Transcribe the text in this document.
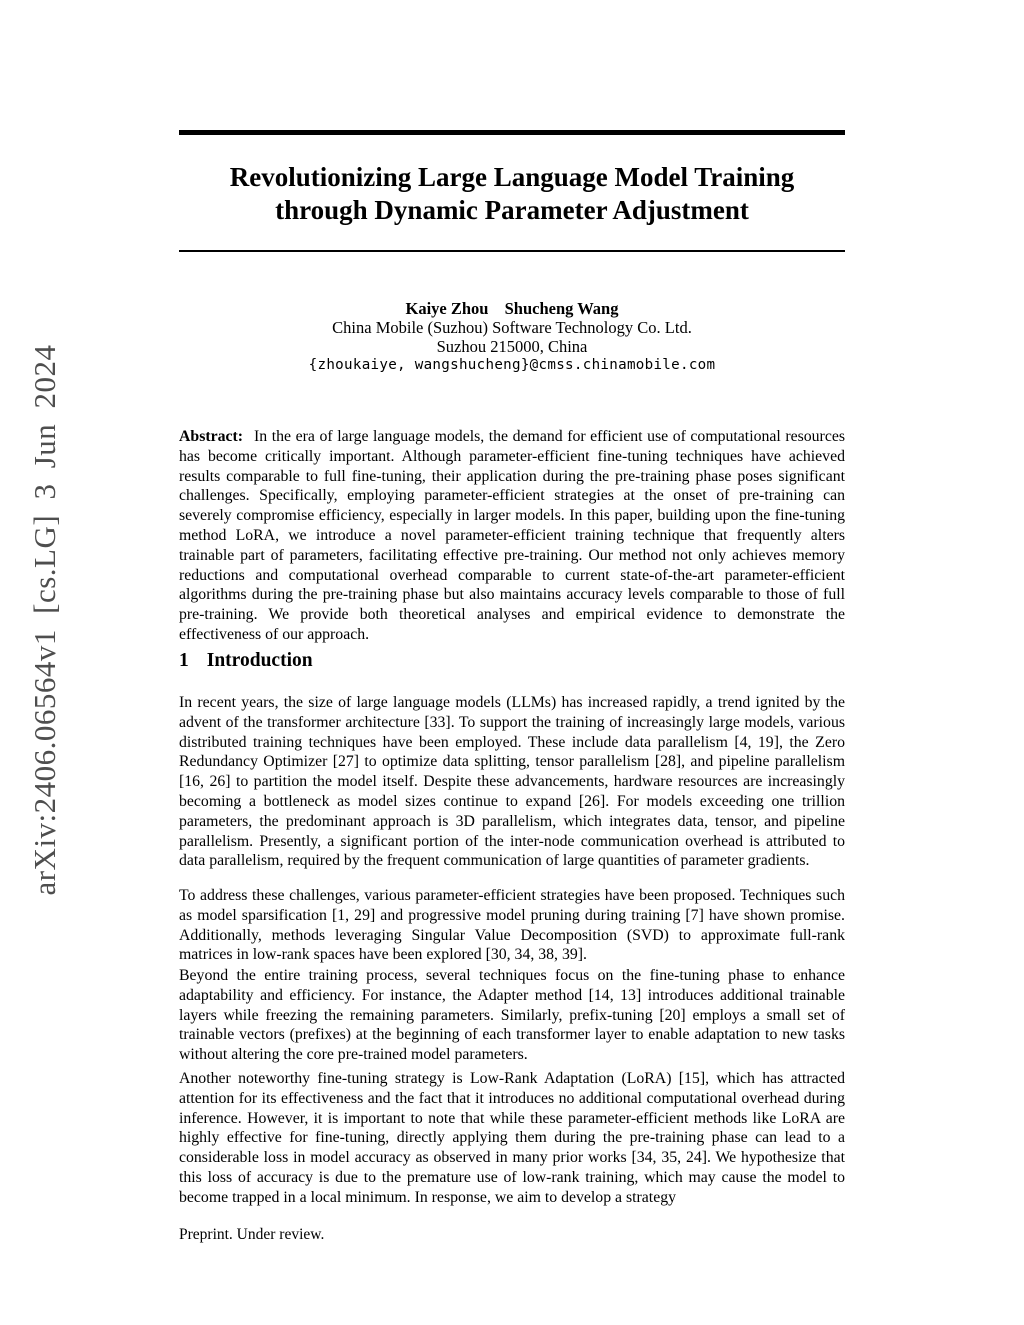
arXiv:2406.06564v1 [cs.LG] 3 Jun 2024
Revolutionizing Large Language Model Training
through Dynamic Parameter Adjustment
Kaiye Zhou Shucheng Wang
China Mobile (Suzhou) Software Technology Co. Ltd.
Suzhou 215000, China
{zhoukaiye, wangshucheng}@cmss.chinamobile.com

Abstract: In the era of large language models, the demand for efficient use of computational resources has become critically important. Although parameter-efficient fine-tuning techniques have achieved results comparable to full fine-tuning, their application during the pre-training phase poses significant challenges. Specifically, employing parameter-efficient strategies at the onset of pre-training can severely compromise efficiency, especially in larger models. In this paper, building upon the fine-tuning method LoRA, we introduce a novel parameter-efficient training technique that frequently alters trainable part of parameters, facilitating effective pre-training. Our method not only achieves memory reductions and computational overhead comparable to current state-of-the-art parameter-efficient algorithms during the pre-training phase but also maintains accuracy levels comparable to those of full pre-training. We provide both theoretical analyses and empirical evidence to demonstrate the effectiveness of our approach.

1 Introduction

In recent years, the size of large language models (LLMs) has increased rapidly, a trend ignited by the advent of the transformer architecture [33]. To support the training of increasingly large models, various distributed training techniques have been employed. These include data parallelism [4, 19], the Zero Redundancy Optimizer [27] to optimize data splitting, tensor parallelism [28], and pipeline parallelism [16, 26] to partition the model itself. Despite these advancements, hardware resources are increasingly becoming a bottleneck as model sizes continue to expand [26]. For models exceeding one trillion parameters, the predominant approach is 3D parallelism, which integrates data, tensor, and pipeline parallelism. Presently, a significant portion of the inter-node communication overhead is attributed to data parallelism, required by the frequent communication of large quantities of parameter gradients.

To address these challenges, various parameter-efficient strategies have been proposed. Techniques such as model sparsification [1, 29] and progressive model pruning during training [7] have shown promise. Additionally, methods leveraging Singular Value Decomposition (SVD) to approximate full-rank matrices in low-rank spaces have been explored [30, 34, 38, 39].

Beyond the entire training process, several techniques focus on the fine-tuning phase to enhance adaptability and efficiency. For instance, the Adapter method [14, 13] introduces additional trainable layers while freezing the remaining parameters. Similarly, prefix-tuning [20] employs a small set of trainable vectors (prefixes) at the beginning of each transformer layer to enable adaptation to new tasks without altering the core pre-trained model parameters.

Another noteworthy fine-tuning strategy is Low-Rank Adaptation (LoRA) [15], which has attracted attention for its effectiveness and the fact that it introduces no additional computational overhead during inference. However, it is important to note that while these parameter-efficient methods like LoRA are highly effective for fine-tuning, directly applying them during the pre-training phase can lead to a considerable loss in model accuracy as observed in many prior works [34, 35, 24]. We hypothesize that this loss of accuracy is due to the premature use of low-rank training, which may cause the model to become trapped in a local minimum. In response, we aim to develop a strategy

Preprint. Under review.
